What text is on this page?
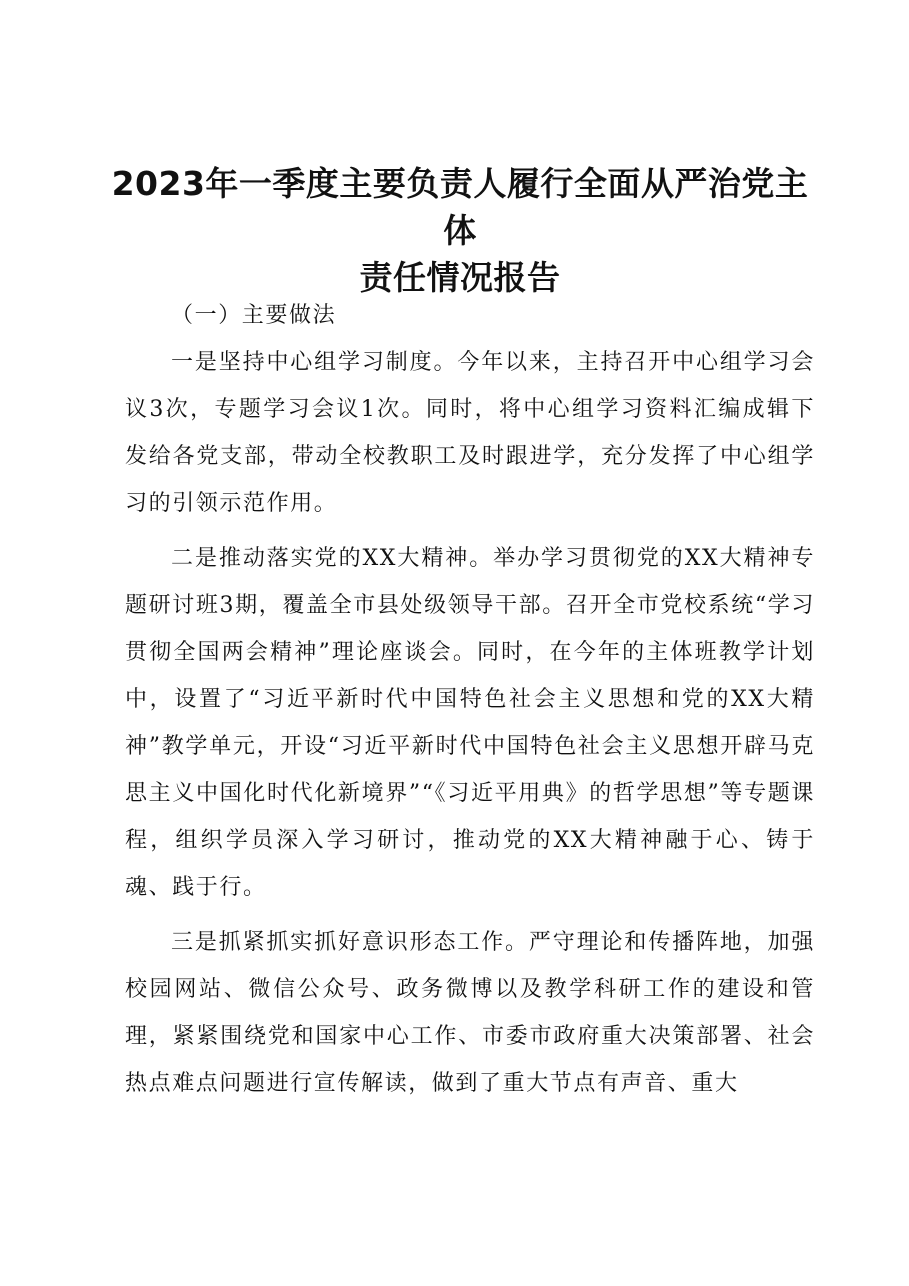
2023年一季度主要负责人履行全面从严治党主体
责任情况报告

（一）主要做法

一是坚持中心组学习制度。今年以来，主持召开中心组学习会议3次，专题学习会议1次。同时，将中心组学习资料汇编成辑下发给各党支部，带动全校教职工及时跟进学，充分发挥了中心组学习的引领示范作用。

二是推动落实党的XX大精神。举办学习贯彻党的XX大精神专题研讨班3期，覆盖全市县处级领导干部。召开全市党校系统“学习贯彻全国两会精神”理论座谈会。同时，在今年的主体班教学计划中，设置了“习近平新时代中国特色社会主义思想和党的XX大精神”教学单元，开设“习近平新时代中国特色社会主义思想开辟马克思主义中国化时代化新境界”“《习近平用典》的哲学思想”等专题课程，组织学员深入学习研讨，推动党的XX大精神融于心、铸于魂、践于行。

三是抓紧抓实抓好意识形态工作。严守理论和传播阵地，加强校园网站、微信公众号、政务微博以及教学科研工作的建设和管理，紧紧围绕党和国家中心工作、市委市政府重大决策部署、社会热点难点问题进行宣传解读，做到了重大节点有声音、重大
